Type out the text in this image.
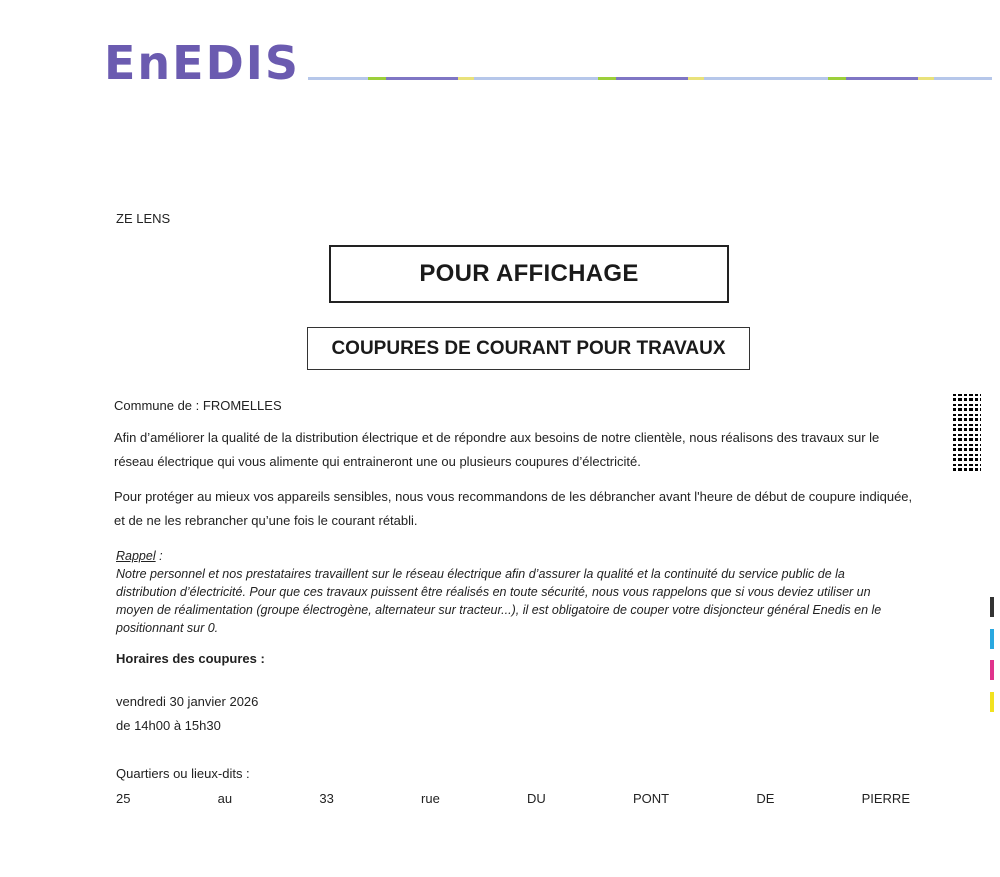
EnEDIS
ZE LENS
POUR AFFICHAGE
COUPURES DE COURANT POUR TRAVAUX
Commune de : FROMELLES
Afin d’améliorer la qualité de la distribution électrique et de répondre aux besoins de notre clientèle, nous réalisons des travaux sur le réseau électrique qui vous alimente qui entraineront une ou plusieurs coupures d’électricité.
Pour protéger au mieux vos appareils sensibles, nous vous recommandons de les débrancher avant l'heure de début de coupure indiquée, et de ne les rebrancher qu’une fois le courant rétabli.
Rappel :
Notre personnel et nos prestataires travaillent sur le réseau électrique afin d’assurer la qualité et la continuité du service public de la distribution d’électricité. Pour que ces travaux puissent être réalisés en toute sécurité, nous vous rappelons que si vous deviez utiliser un moyen de réalimentation (groupe électrogène, alternateur sur tracteur...), il est obligatoire de couper votre disjoncteur général Enedis en le positionnant sur 0.
Horaires des coupures :
vendredi 30 janvier 2026
de 14h00 à 15h30
Quartiers ou lieux-dits :
25	au	33	rue	DU	PONT	DE	PIERRE
